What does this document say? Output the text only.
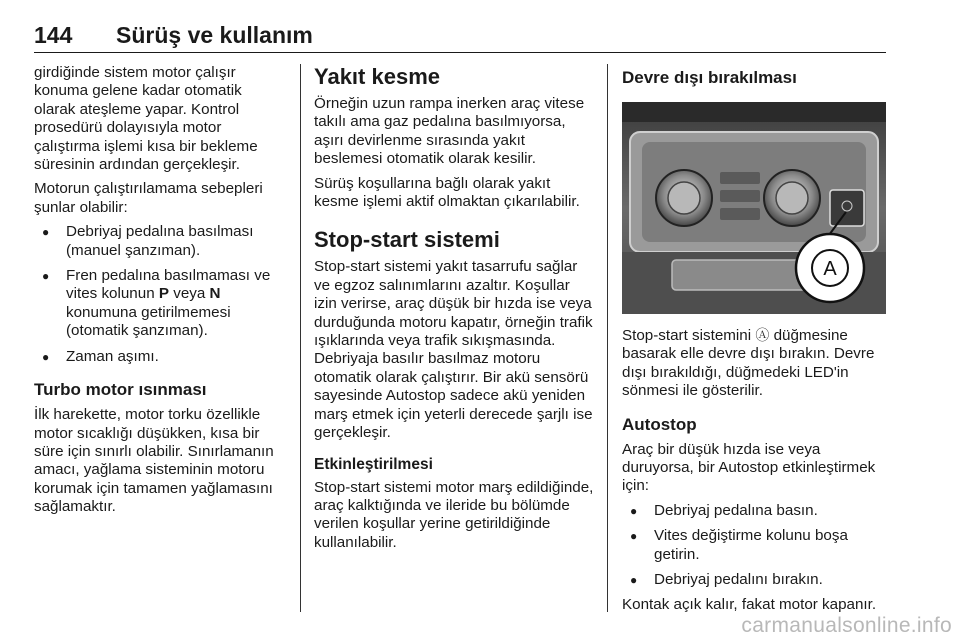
144 Sürüş ve kullanım

girdiğinde sistem motor çalışır konuma gelene kadar otomatik olarak ateşleme yapar. Kontrol prosedürü dolayısıyla motor çalıştırma işlemi kısa bir bekleme süresinin ardından gerçekleşir.

Motorun çalıştırılamama sebepleri şunlar olabilir:

● Debriyaj pedalına basılması (manuel şanzıman).
● Fren pedalına basılmaması ve vites kolunun P veya N konumuna getirilmemesi (otomatik şanzıman).
● Zaman aşımı.
Turbo motor ısınması

İlk harekette, motor torku özellikle motor sıcaklığı düşükken, kısa bir süre için sınırlı olabilir. Sınırlamanın amacı, yağlama sisteminin motoru korumak için tamamen yağlamasını sağlamaktır.

Yakıt kesme

Örneğin uzun rampa inerken araç vitese takılı ama gaz pedalına basılmıyorsa, aşırı devirlenme sırasında yakıt beslemesi otomatik olarak kesilir.

Sürüş koşullarına bağlı olarak yakıt kesme işlemi aktif olmaktan çıkarılabilir.

Stop-start sistemi

Stop-start sistemi yakıt tasarrufu sağlar ve egzoz salınımlarını azaltır. Koşullar izin verirse, araç düşük bir hızda ise veya durduğunda motoru kapatır, örneğin trafik ışıklarında veya trafik sıkışmasında. Debriyaja basılır basılmaz motoru otomatik olarak çalıştırır. Bir akü sensörü sayesinde Autostop sadece akü yeniden marş etmek için yeterli derecede şarjlı ise gerçekleşir.

Etkinleştirilmesi

Stop-start sistemi motor marş edildiğinde, araç kalktığında ve ileride bu bölümde verilen koşullar yerine getirildiğinde kullanılabilir.

Devre dışı bırakılması
A

Stop-start sistemini Ⓐ düğmesine basarak elle devre dışı bırakın. Devre dışı bırakıldığı, düğmedeki LED'in sönmesi ile gösterilir.

Autostop

Araç bir düşük hızda ise veya duruyorsa, bir Autostop etkinleştirmek için:

● Debriyaj pedalına basın.
● Vites değiştirme kolunu boşa getirin.
● Debriyaj pedalını bırakın.

Kontak açık kalır, fakat motor kapanır.

carmanualsonline.info
